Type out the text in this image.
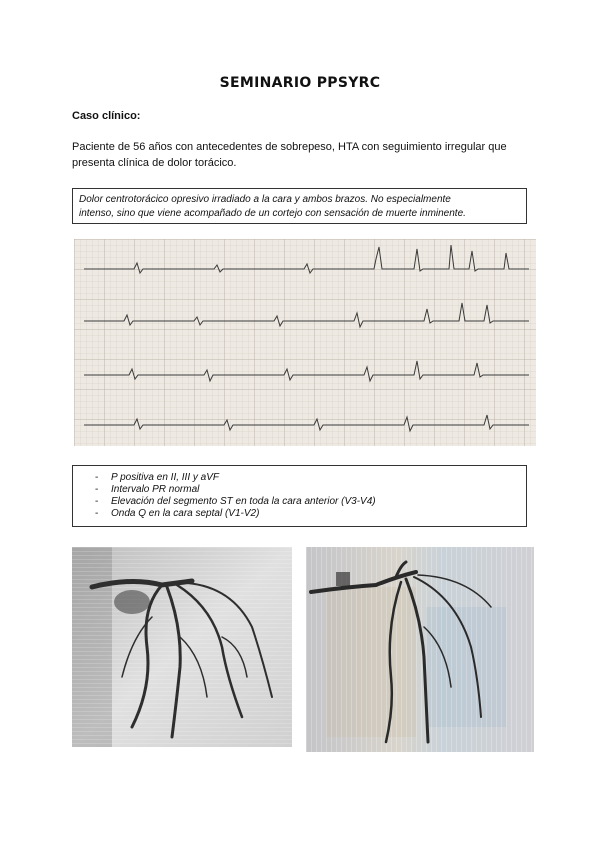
SEMINARIO PPSYRC
Caso clínico:
Paciente de 56 años con antecedentes de sobrepeso, HTA con seguimiento irregular que presenta clínica de dolor torácico.
Dolor centrotorácico opresivo irradiado a la cara y ambos brazos. No especialmente
intenso, sino que viene acompañado de un cortejo con sensación de muerte inminente.
- P positiva en II, III y aVF
- Intervalo PR normal
- Elevación del segmento ST en toda la cara anterior (V3-V4)
- Onda Q en la cara septal (V1-V2)
